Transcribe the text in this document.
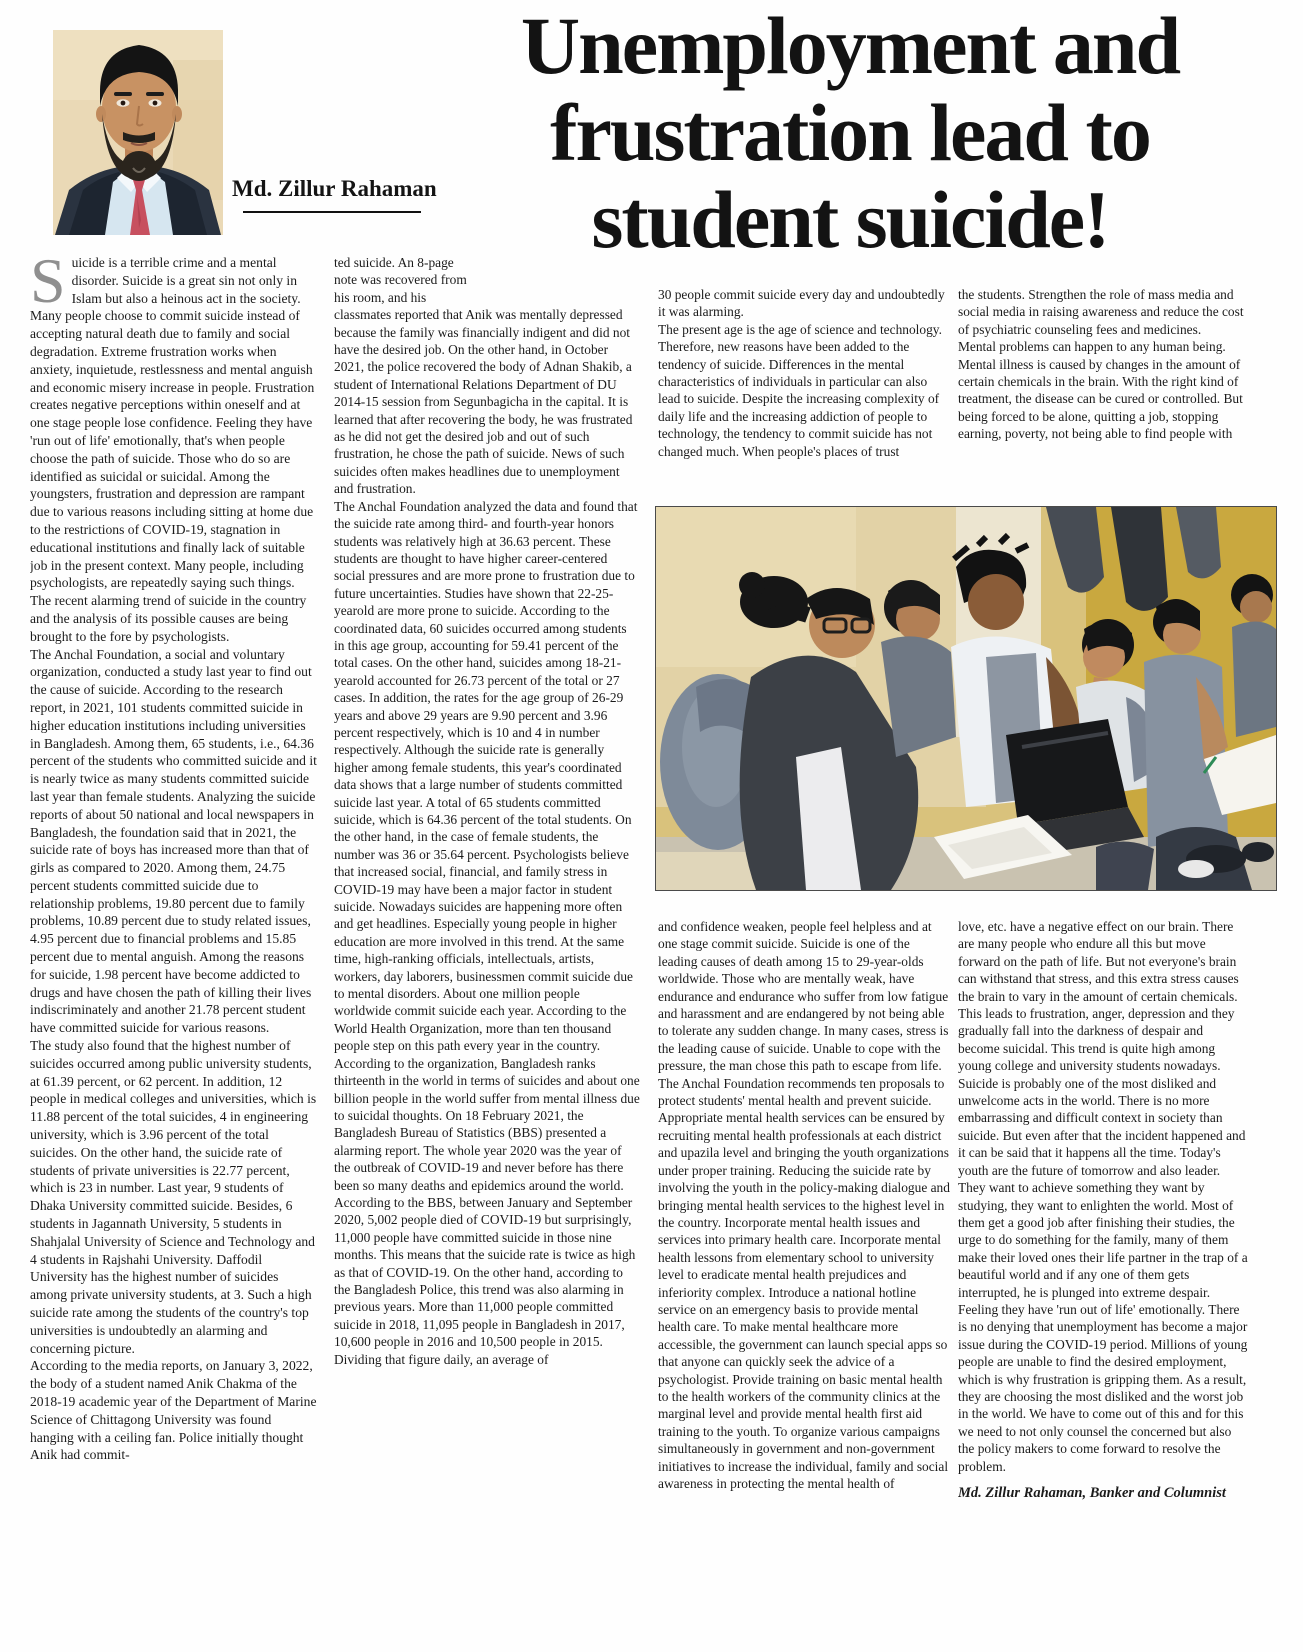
Md. Zillur Rahaman
Unemployment and
frustration lead to
student suicide!

Suicide is a terrible crime and a mental disorder. Suicide is a great sin not only in Islam but also a heinous act in the society. Many people choose to commit suicide instead of accepting natural death due to family and social degradation. Extreme frustration works when anxiety, inquietude, restlessness and mental anguish and economic misery increase in people. Frustration creates negative perceptions within oneself and at one stage people lose confidence. Feeling they have 'run out of life' emotionally, that's when people choose the path of suicide. Those who do so are identified as suicidal or suicidal. Among the youngsters, frustration and depression are rampant due to various reasons including sitting at home due to the restrictions of COVID-19, stagnation in educational institutions and finally lack of suitable job in the present context. Many people, including psychologists, are repeatedly saying such things. The recent alarming trend of suicide in the country and the analysis of its possible causes are being brought to the fore by psychologists.

The Anchal Foundation, a social and voluntary organization, conducted a study last year to find out the cause of suicide. According to the research report, in 2021, 101 students committed suicide in higher education institutions including universities in Bangladesh. Among them, 65 students, i.e., 64.36 percent of the students who committed suicide and it is nearly twice as many students committed suicide last year than female students. Analyzing the suicide reports of about 50 national and local newspapers in Bangladesh, the foundation said that in 2021, the suicide rate of boys has increased more than that of girls as compared to 2020. Among them, 24.75 percent students committed suicide due to relationship problems, 19.80 percent due to family problems, 10.89 percent due to study related issues, 4.95 percent due to financial problems and 15.85 percent due to mental anguish. Among the reasons for suicide, 1.98 percent have become addicted to drugs and have chosen the path of killing their lives indiscriminately and another 21.78 percent student have committed suicide for various reasons.

The study also found that the highest number of suicides occurred among public university students, at 61.39 percent, or 62 percent. In addition, 12 people in medical colleges and universities, which is 11.88 percent of the total suicides, 4 in engineering university, which is 3.96 percent of the total suicides. On the other hand, the suicide rate of students of private universities is 22.77 percent, which is 23 in number. Last year, 9 students of Dhaka University committed suicide. Besides, 6 students in Jagannath University, 5 students in Shahjalal University of Science and Technology and 4 students in Rajshahi University. Daffodil University has the highest number of suicides among private university students, at 3. Such a high suicide rate among the students of the country's top universities is undoubtedly an alarming and concerning picture.

According to the media reports, on January 3, 2022, the body of a student named Anik Chakma of the 2018-19 academic year of the Department of Marine Science of Chittagong University was found hanging with a ceiling fan. Police initially thought Anik had commit-

ted suicide. An 8-page note was recovered from his room, and his classmates reported that Anik was mentally depressed because the family was financially indigent and did not have the desired job. On the other hand, in October 2021, the police recovered the body of Adnan Shakib, a student of International Relations Department of DU 2014-15 session from Segunbagicha in the capital. It is learned that after recovering the body, he was frustrated as he did not get the desired job and out of such frustration, he chose the path of suicide. News of such suicides often makes headlines due to unemployment and frustration.

The Anchal Foundation analyzed the data and found that the suicide rate among third- and fourth-year honors students was relatively high at 36.63 percent. These students are thought to have higher career-centered social pressures and are more prone to frustration due to future uncertainties. Studies have shown that 22-25-yearold are more prone to suicide. According to the coordinated data, 60 suicides occurred among students in this age group, accounting for 59.41 percent of the total cases. On the other hand, suicides among 18-21-yearold accounted for 26.73 percent of the total or 27 cases. In addition, the rates for the age group of 26-29 years and above 29 years are 9.90 percent and 3.96 percent respectively, which is 10 and 4 in number respectively. Although the suicide rate is generally higher among female students, this year's coordinated data shows that a large number of students committed suicide last year. A total of 65 students committed suicide, which is 64.36 percent of the total students. On the other hand, in the case of female students, the number was 36 or 35.64 percent. Psychologists believe that increased social, financial, and family stress in COVID-19 may have been a major factor in student suicide. Nowadays suicides are happening more often and get headlines. Especially young people in higher education are more involved in this trend. At the same time, high-ranking officials, intellectuals, artists, workers, day laborers, businessmen commit suicide due to mental disorders. About one million people worldwide commit suicide each year. According to the World Health Organization, more than ten thousand people step on this path every year in the country. According to the organization, Bangladesh ranks thirteenth in the world in terms of suicides and about one billion people in the world suffer from mental illness due to suicidal thoughts. On 18 February 2021, the Bangladesh Bureau of Statistics (BBS) presented a alarming report. The whole year 2020 was the year of the outbreak of COVID-19 and never before has there been so many deaths and epidemics around the world. According to the BBS, between January and September 2020, 5,002 people died of COVID-19 but surprisingly, 11,000 people have committed suicide in those nine months. This means that the suicide rate is twice as high as that of COVID-19. On the other hand, according to the Bangladesh Police, this trend was also alarming in previous years. More than 11,000 people committed suicide in 2018, 11,095 people in Bangladesh in 2017, 10,600 people in 2016 and 10,500 people in 2015. Dividing that figure daily, an average of

30 people commit suicide every day and undoubtedly it was alarming.

The present age is the age of science and technology. Therefore, new reasons have been added to the tendency of suicide. Differences in the mental characteristics of individuals in particular can also lead to suicide. Despite the increasing complexity of daily life and the increasing addiction of people to technology, the tendency to commit suicide has not changed much. When people's places of trust

the students. Strengthen the role of mass media and social media in raising awareness and reduce the cost of psychiatric counseling fees and medicines.

Mental problems can happen to any human being. Mental illness is caused by changes in the amount of certain chemicals in the brain. With the right kind of treatment, the disease can be cured or controlled. But being forced to be alone, quitting a job, stopping earning, poverty, not being able to find people with

and confidence weaken, people feel helpless and at one stage commit suicide. Suicide is one of the leading causes of death among 15 to 29-year-olds worldwide. Those who are mentally weak, have endurance and endurance who suffer from low fatigue and harassment and are endangered by not being able to tolerate any sudden change. In many cases, stress is the leading cause of suicide. Unable to cope with the pressure, the man chose this path to escape from life.

The Anchal Foundation recommends ten proposals to protect students' mental health and prevent suicide. Appropriate mental health services can be ensured by recruiting mental health professionals at each district and upazila level and bringing the youth organizations under proper training. Reducing the suicide rate by involving the youth in the policy-making dialogue and bringing mental health services to the highest level in the country. Incorporate mental health issues and services into primary health care. Incorporate mental health lessons from elementary school to university level to eradicate mental health prejudices and inferiority complex. Introduce a national hotline service on an emergency basis to provide mental health care. To make mental healthcare more accessible, the government can launch special apps so that anyone can quickly seek the advice of a psychologist. Provide training on basic mental health to the health workers of the community clinics at the marginal level and provide mental health first aid training to the youth. To organize various campaigns simultaneously in government and non-government initiatives to increase the individual, family and social awareness in protecting the mental health of

love, etc. have a negative effect on our brain. There are many people who endure all this but move forward on the path of life. But not everyone's brain can withstand that stress, and this extra stress causes the brain to vary in the amount of certain chemicals. This leads to frustration, anger, depression and they gradually fall into the darkness of despair and become suicidal. This trend is quite high among young college and university students nowadays.

Suicide is probably one of the most disliked and unwelcome acts in the world. There is no more embarrassing and difficult context in society than suicide. But even after that the incident happened and it can be said that it happens all the time. Today's youth are the future of tomorrow and also leader. They want to achieve something they want by studying, they want to enlighten the world. Most of them get a good job after finishing their studies, the urge to do something for the family, many of them make their loved ones their life partner in the trap of a beautiful world and if any one of them gets interrupted, he is plunged into extreme despair. Feeling they have 'run out of life' emotionally. There is no denying that unemployment has become a major issue during the COVID-19 period. Millions of young people are unable to find the desired employment, which is why frustration is gripping them. As a result, they are choosing the most disliked and the worst job in the world. We have to come out of this and for this we need to not only counsel the concerned but also the policy makers to come forward to resolve the problem.

Md. Zillur Rahaman, Banker and Columnist
